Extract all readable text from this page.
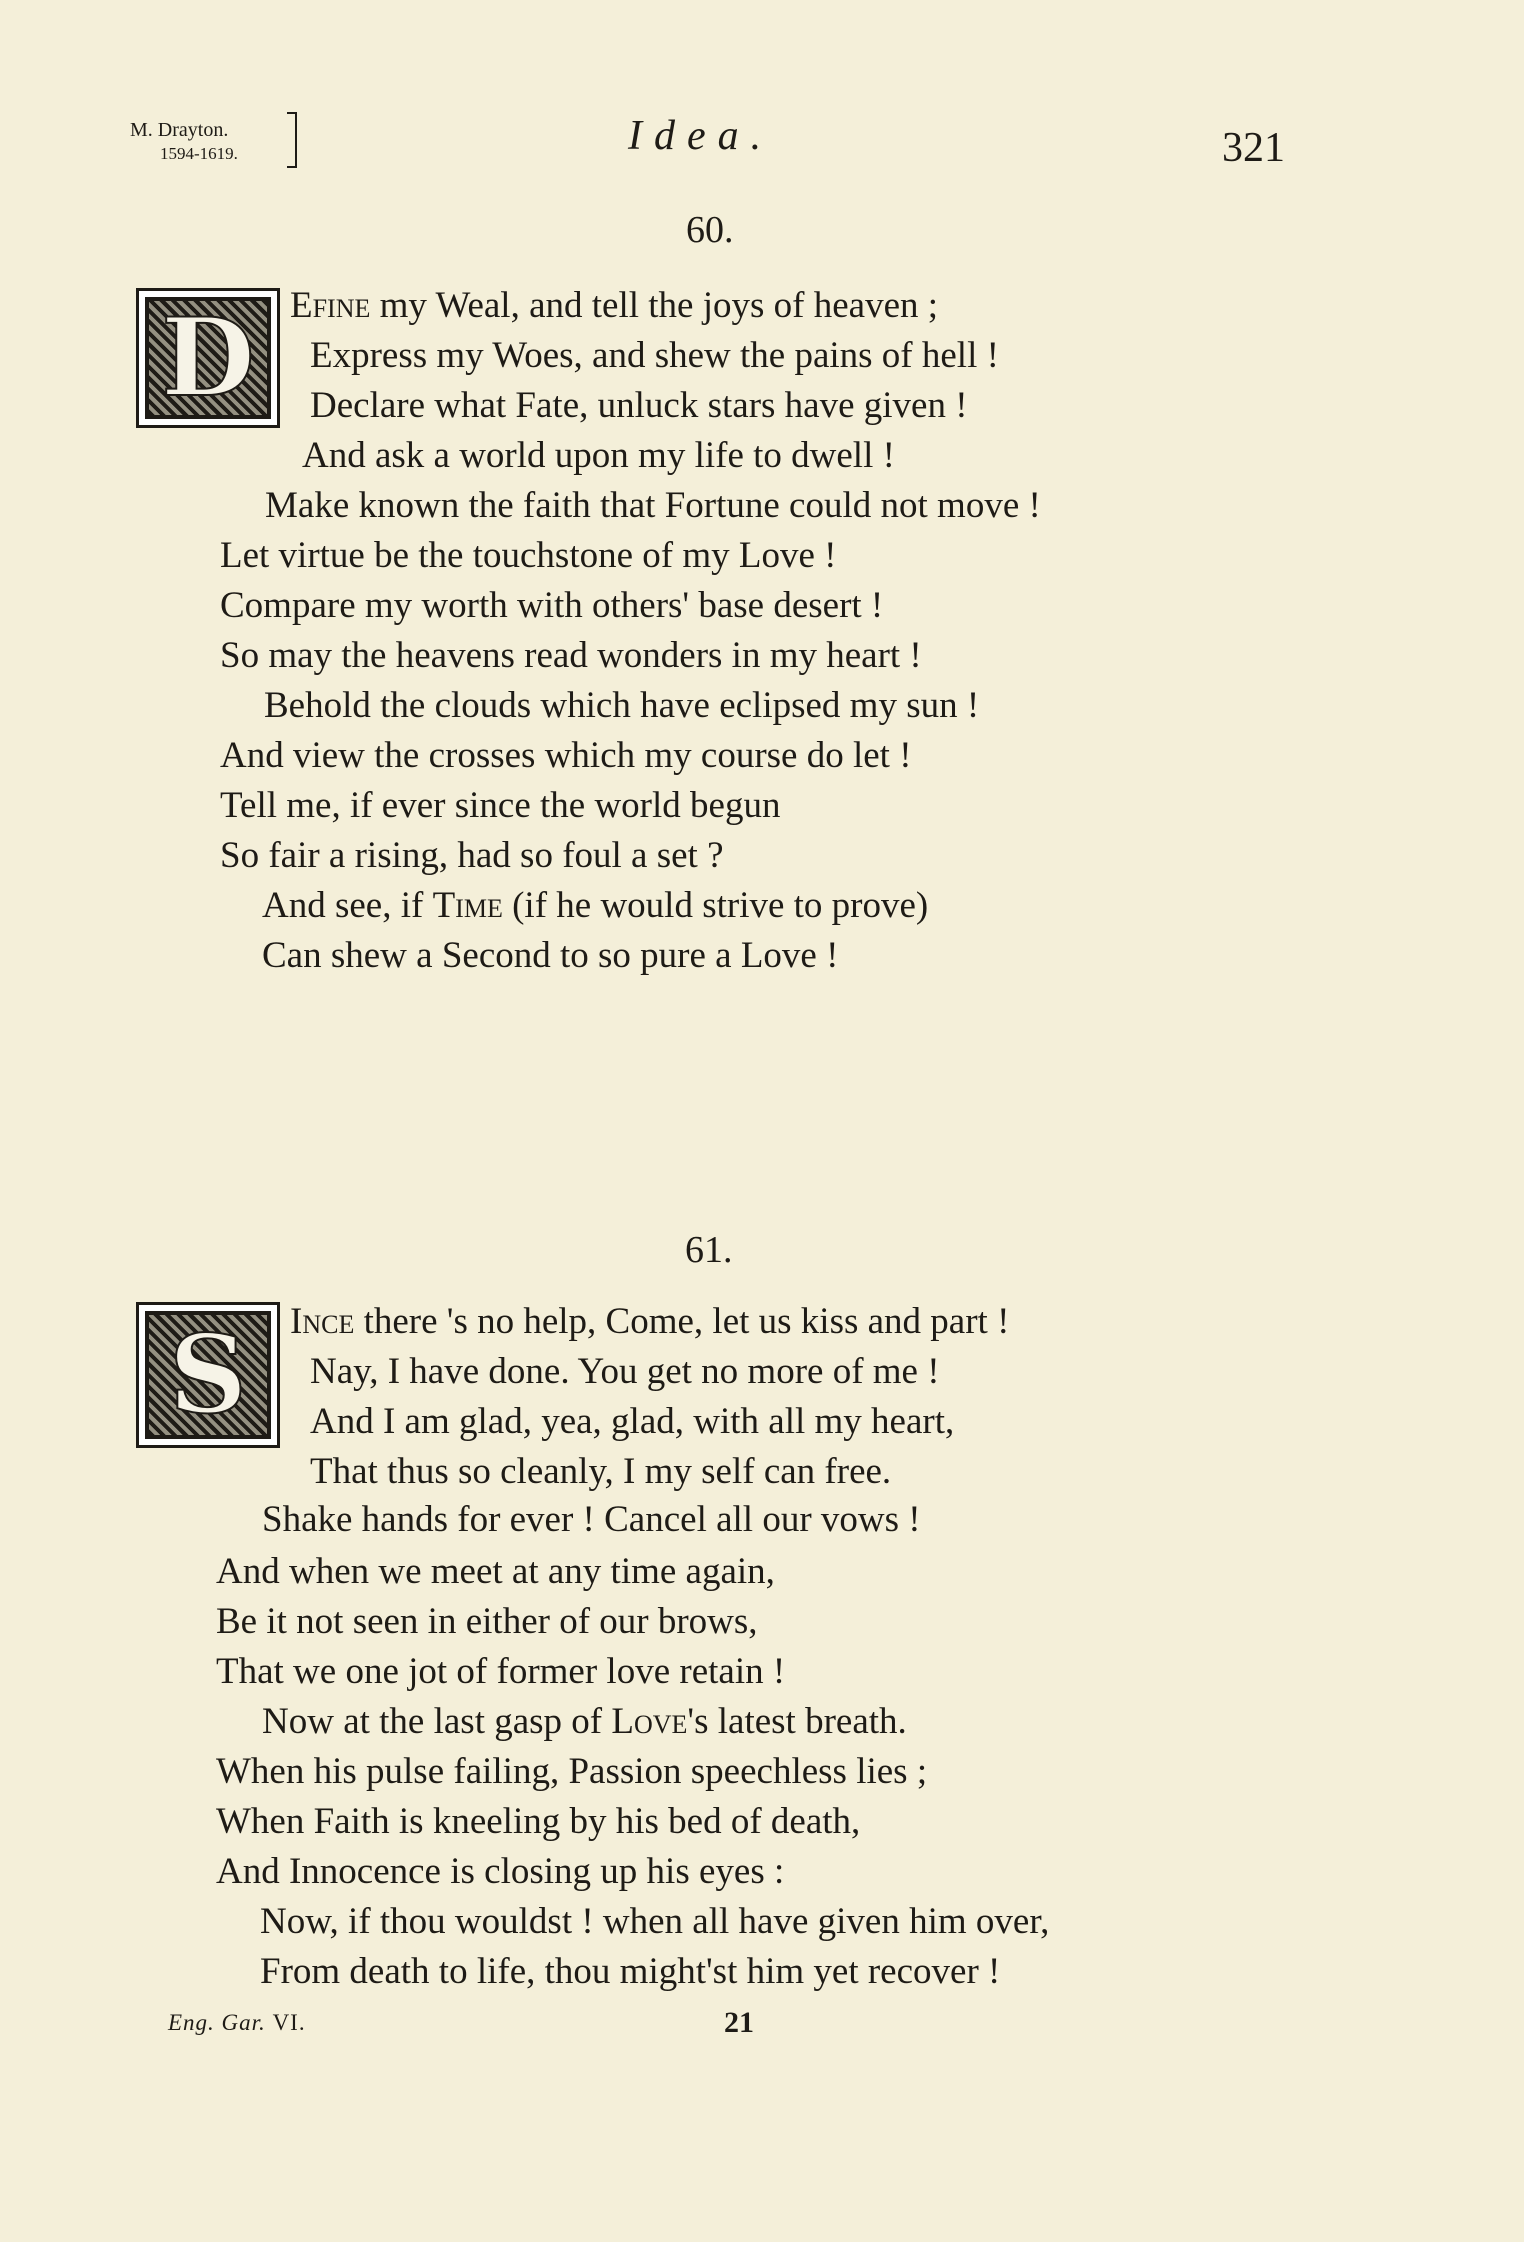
M. Drayton.
1594-1619.	Idea.	321
60.
D Efine my Weal, and tell the joys of heaven ;
Express my Woes, and shew the pains of hell !
Declare what Fate, unluck stars have given !
And ask a world upon my life to dwell !
Make known the faith that Fortune could not move !
Let virtue be the touchstone of my Love !
Compare my worth with others' base desert !
So may the heavens read wonders in my heart !
Behold the clouds which have eclipsed my sun !
And view the crosses which my course do let !
Tell me, if ever since the world begun
So fair a rising, had so foul a set ?
And see, if Time (if he would strive to prove)
Can shew a Second to so pure a Love !
61.
S Ince there 's no help, Come, let us kiss and part !
Nay, I have done. You get no more of me !
And I am glad, yea, glad, with all my heart,
That thus so cleanly, I my self can free.
Shake hands for ever ! Cancel all our vows !
And when we meet at any time again,
Be it not seen in either of our brows,
That we one jot of former love retain !
Now at the last gasp of Love's latest breath.
When his pulse failing, Passion speechless lies ;
When Faith is kneeling by his bed of death,
And Innocence is closing up his eyes :
Now, if thou wouldst ! when all have given him over,
From death to life, thou might'st him yet recover !
Eng. Gar. VI.	21
